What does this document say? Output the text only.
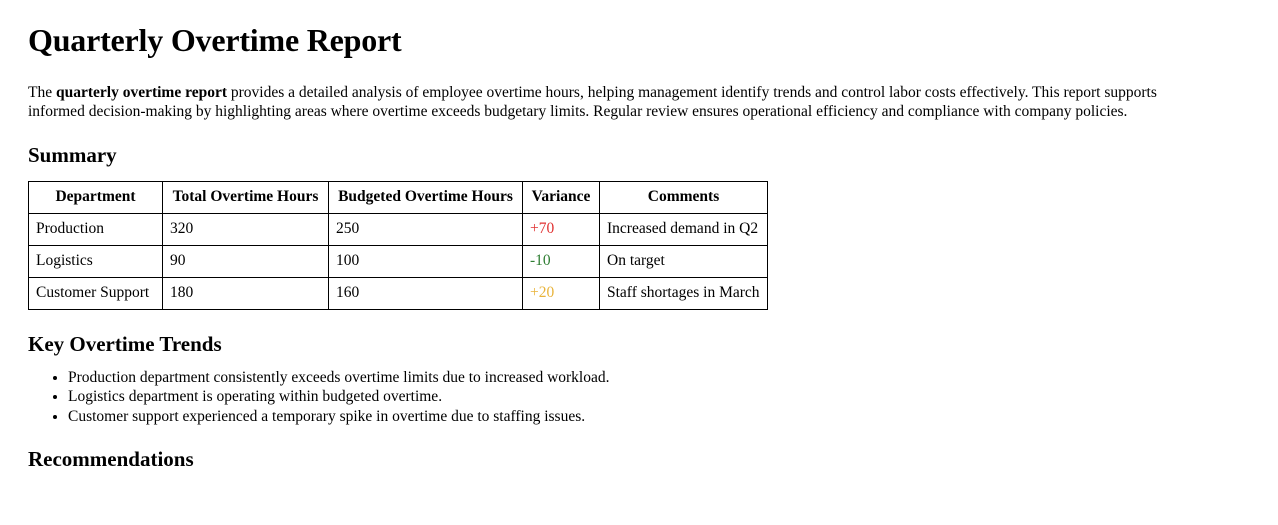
Quarterly Overtime Report

The quarterly overtime report provides a detailed analysis of employee overtime hours, helping management identify trends and control labor costs effectively. This report supports informed decision-making by highlighting areas where overtime exceeds budgetary limits. Regular review ensures operational efficiency and compliance with company policies.

Summary
Department	Total Overtime Hours	Budgeted Overtime Hours	Variance	Comments
Production	320	250	+70	Increased demand in Q2
Logistics	90	100	-10	On target
Customer Support	180	160	+20	Staff shortages in March
Key Overtime Trends
• Production department consistently exceeds overtime limits due to increased workload.
• Logistics department is operating within budgeted overtime.
• Customer support experienced a temporary spike in overtime due to staffing issues.
Recommendations
